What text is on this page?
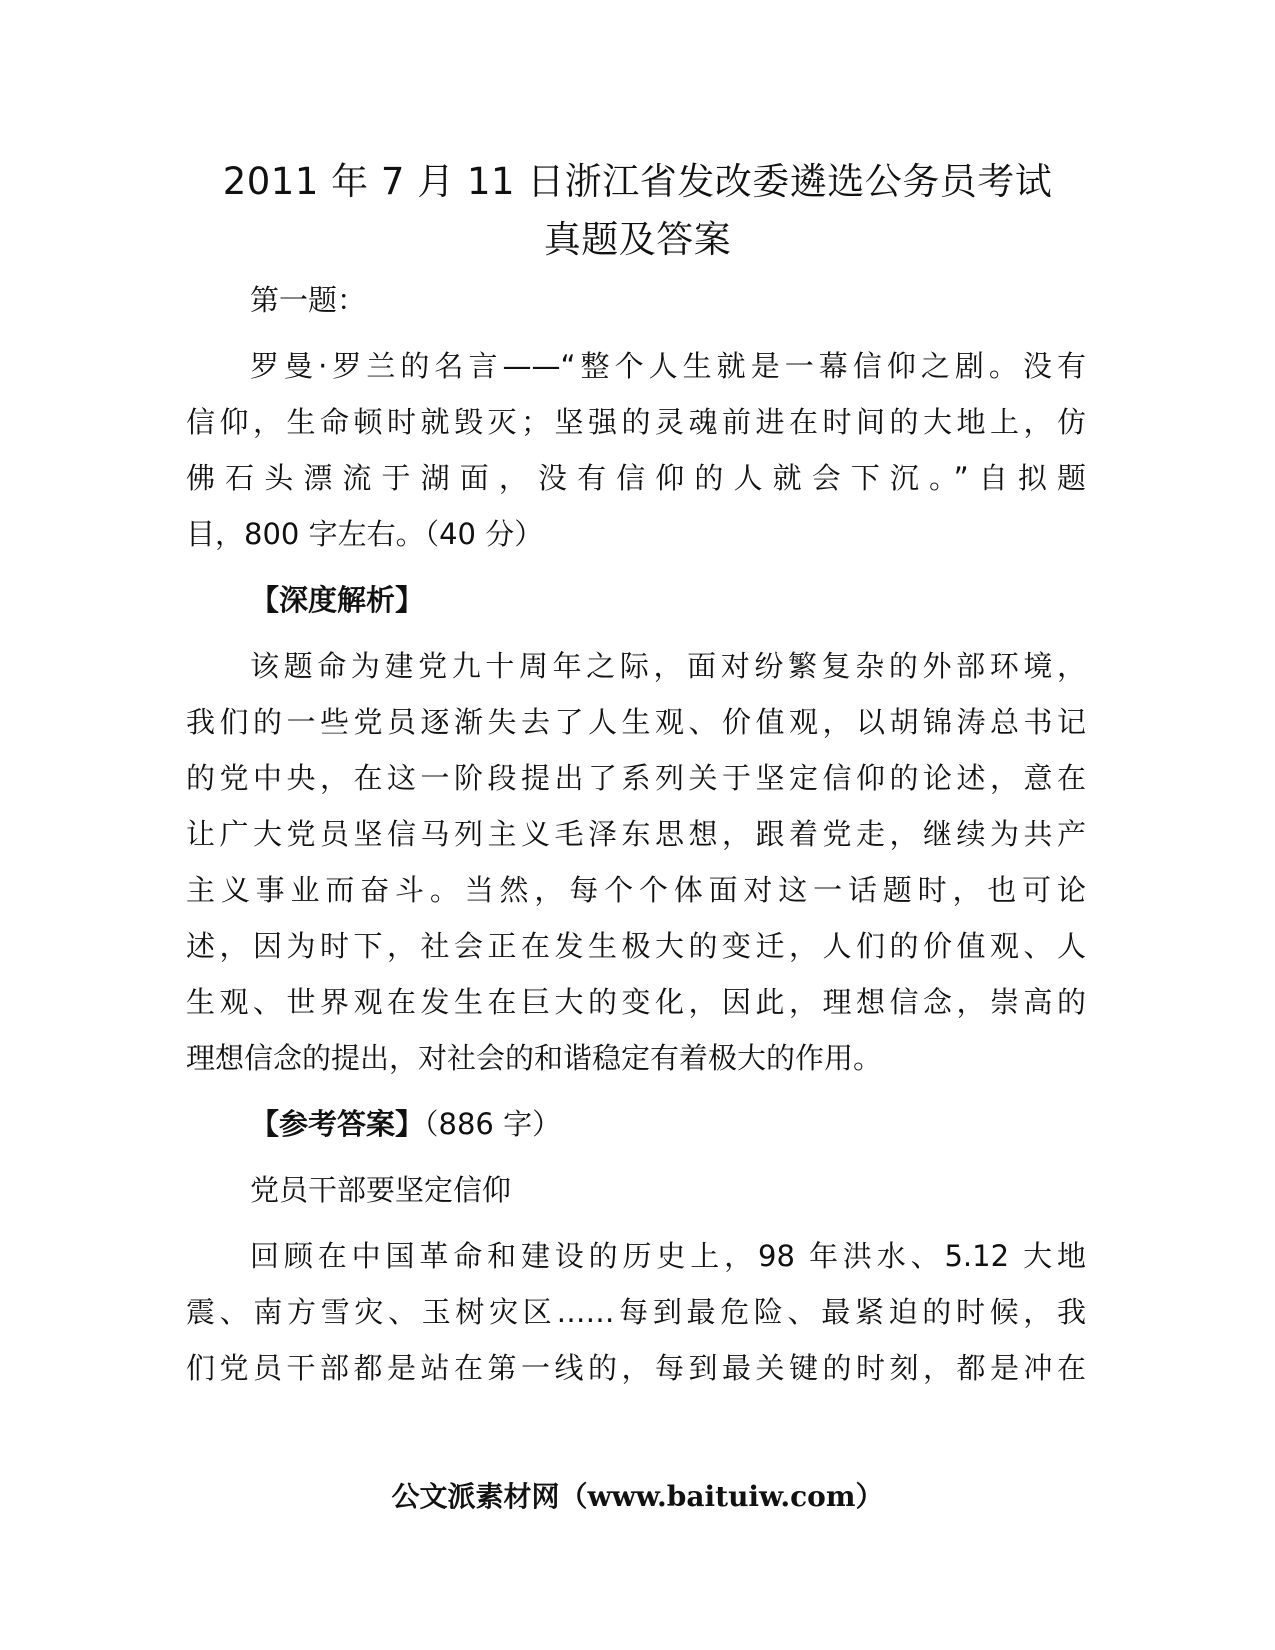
2011 年 7 月 11 日浙江省发改委遴选公务员考试
真题及答案
第一题：
罗曼·罗兰的名言——“整个人生就是一幕信仰之剧。没有
信仰，生命顿时就毁灭；坚强的灵魂前进在时间的大地上，仿
佛石头漂流于湖面，没有信仰的人就会下沉。”自拟题
目，800 字左右。（40 分）
【深度解析】
该题命为建党九十周年之际，面对纷繁复杂的外部环境，
我们的一些党员逐渐失去了人生观、价值观，以胡锦涛总书记
的党中央，在这一阶段提出了系列关于坚定信仰的论述，意在
让广大党员坚信马列主义毛泽东思想，跟着党走，继续为共产
主义事业而奋斗。当然，每个个体面对这一话题时，也可论
述，因为时下，社会正在发生极大的变迁，人们的价值观、人
生观、世界观在发生在巨大的变化，因此，理想信念，崇高的
理想信念的提出，对社会的和谐稳定有着极大的作用。
【参考答案】（886 字）
党员干部要坚定信仰
回顾在中国革命和建设的历史上，98 年洪水、5.12 大地
震、南方雪灾、玉树灾区……每到最危险、最紧迫的时候，我
们党员干部都是站在第一线的，每到最关键的时刻，都是冲在
公文派素材网（www.baituiw.com）
